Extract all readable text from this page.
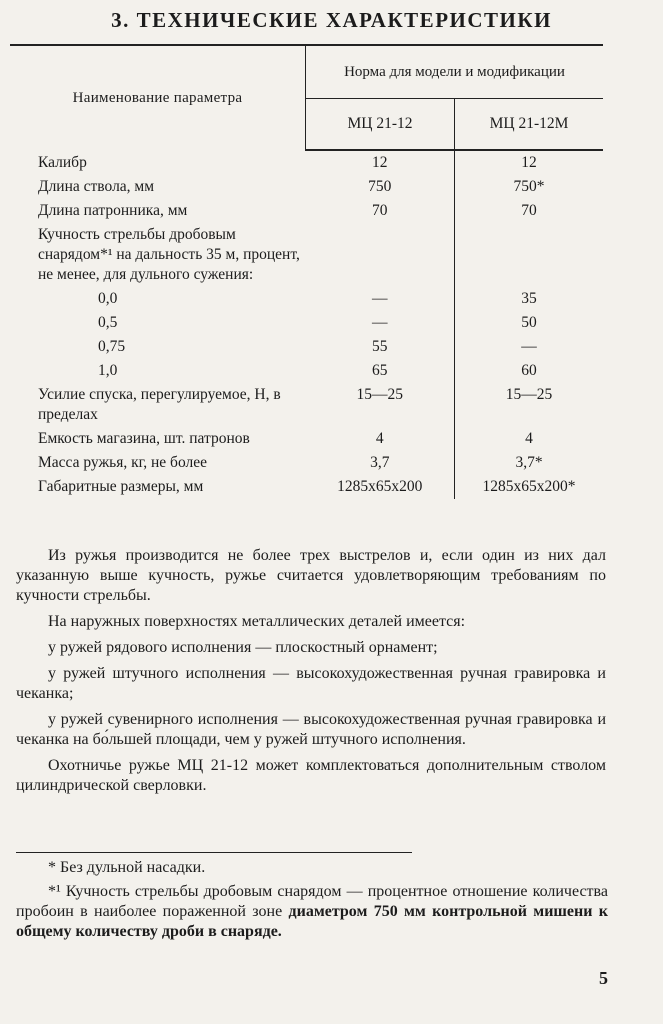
3. ТЕХНИЧЕСКИЕ ХАРАКТЕРИСТИКИ
Наименование параметра	Норма для модели и модификации	
	МЦ 21-12	МЦ 21-12М
Калибр	12	12
Длина ствола, мм	750	750*
Длина патронника, мм	70	70
Кучность стрельбы дробовым снарядом*¹ на дальность 35 м, процент, не менее, для дульного сужения:		
0,0	—	35
0,5	—	50
0,75	55	—
1,0	65	60
Усилие спуска, перегулируемое, Н, в пределах	15—25	15—25
Емкость магазина, шт. патронов	4	4
Масса ружья, кг, не более	3,7	3,7*
Габаритные размеры, мм	1285х65х200	1285х65х200*

Из ружья производится не более трех выстрелов и, если один из них дал указанную выше кучность, ружье считается удовлетворяющим требованиям по кучности стрельбы.

На наружных поверхностях металлических деталей имеется:

у ружей рядового исполнения — плоскостный орнамент;

у ружей штучного исполнения — высокохудожественная ручная гравировка и чеканка;

у ружей сувенирного исполнения — высокохудожественная ручная гравировка и чеканка на бо́льшей площади, чем у ружей штучного исполнения.

Охотничье ружье МЦ 21-12 может комплектоваться дополнительным стволом цилиндрической сверловки.

* Без дульной насадки.

*¹ Кучность стрельбы дробовым снарядом — процентное отношение количества пробоин в наиболее пораженной зоне диаметром 750 мм контрольной мишени к общему количеству дроби в снаряде.

5
